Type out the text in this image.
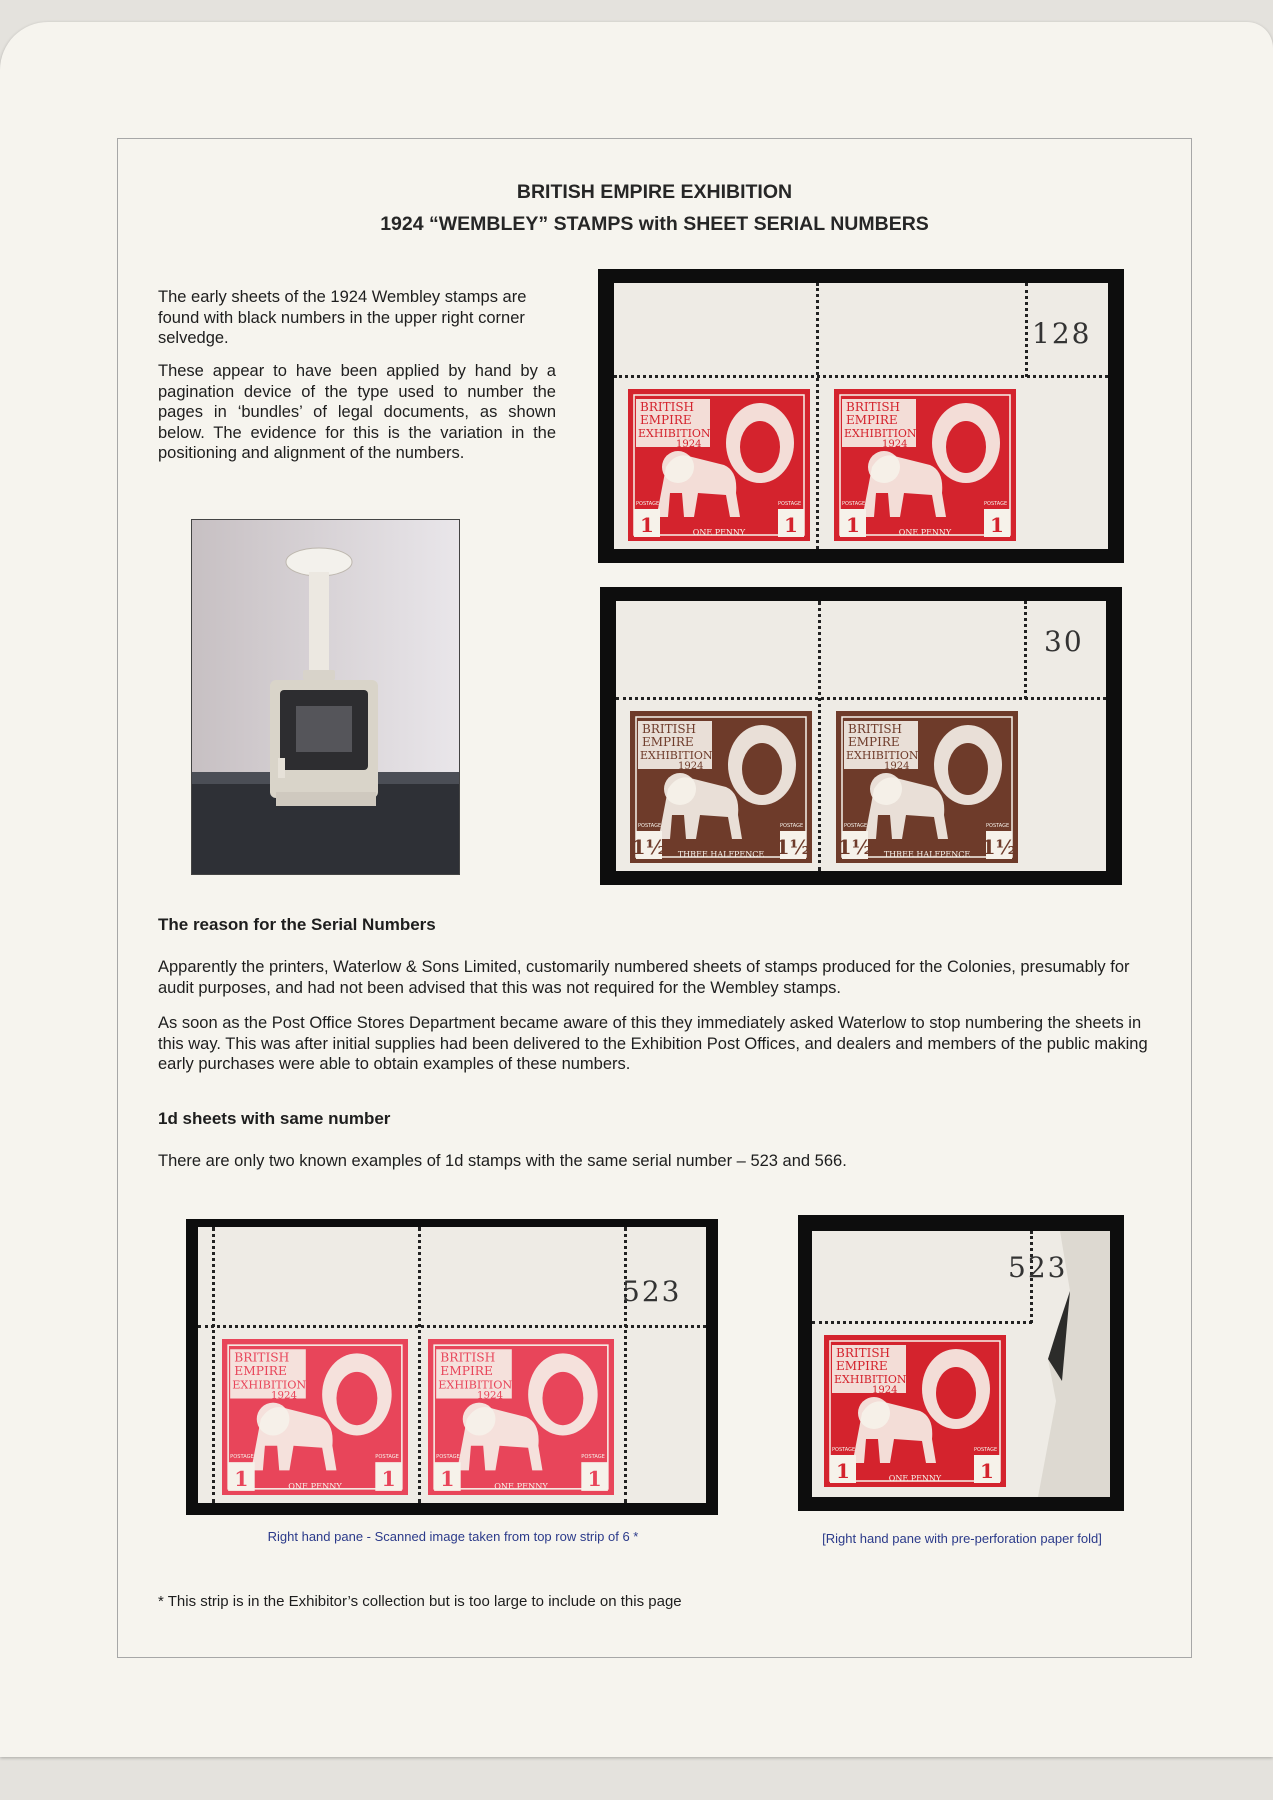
BRITISH EMPIRE EXHIBITION
1924 “WEMBLEY” STAMPS with SHEET SERIAL NUMBERS

The early sheets of the 1924 Wembley stamps are found with black numbers in the upper right corner selvedge.

These appear to have been applied by hand by a pagination device of the type used to number the pages in ‘bundles’ of legal documents, as shown below. The evidence for this is the variation in the positioning and alignment of the numbers.

128
BRITISH
EMPIRE
EXHIBITION
1924
1	1
ONE PENNY
POSTAGE	POSTAGE
BRITISH
EMPIRE
EXHIBITION
1924
1	1
ONE PENNY
POSTAGE	POSTAGE
30
BRITISH
EMPIRE
EXHIBITION
1924
1½	1½
THREE HALFPENCE
POSTAGE	POSTAGE
BRITISH
EMPIRE
EXHIBITION
1924
1½	1½
THREE HALFPENCE
POSTAGE	POSTAGE

The reason for the Serial Numbers

Apparently the printers, Waterlow & Sons Limited, customarily numbered sheets of stamps produced for the Colonies, presumably for audit purposes, and had not been advised that this was not required for the Wembley stamps.

As soon as the Post Office Stores Department became aware of this they immediately asked Waterlow to stop numbering the sheets in this way. This was after initial supplies had been delivered to the Exhibition Post Offices, and dealers and members of the public making early purchases were able to obtain examples of these numbers.

1d sheets with same number

There are only two known examples of 1d stamps with the same serial number – 523 and 566.

523
BRITISH
EMPIRE
EXHIBITION
1924
1	1
ONE PENNY
POSTAGE	POSTAGE
BRITISH
EMPIRE
EXHIBITION
1924
1	1
ONE PENNY
POSTAGE	POSTAGE
523
BRITISH
EMPIRE
EXHIBITION
1924
1	1
ONE PENNY
POSTAGE	POSTAGE
Right hand pane - Scanned image taken from top row strip of 6 *	[Right hand pane with pre-perforation paper fold]
* This strip is in the Exhibitor’s collection but is too large to include on this page
